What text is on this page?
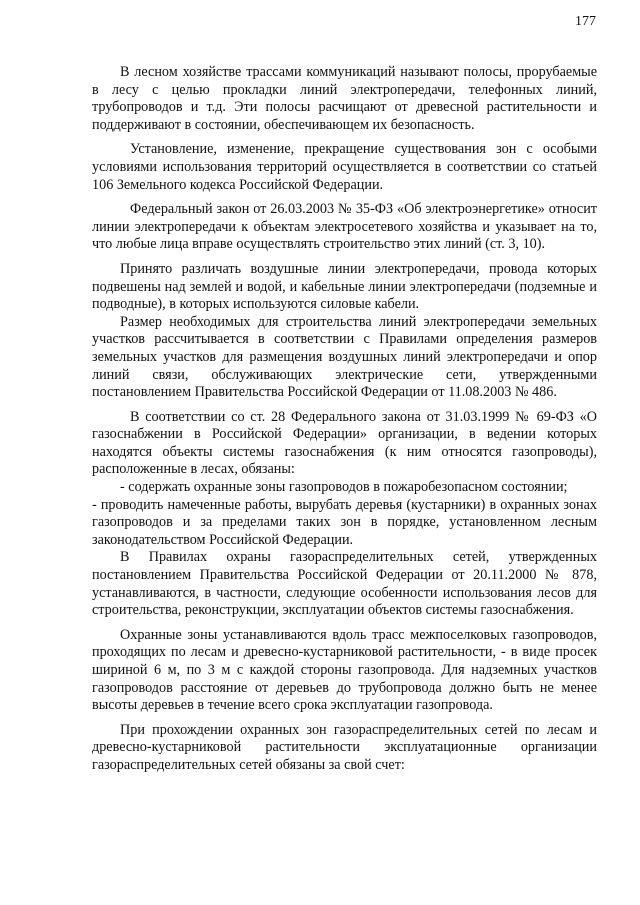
177

В лесном хозяйстве трассами коммуникаций называют полосы, прорубаемые в лесу с целью прокладки линий электропередачи, телефонных линий, трубопроводов и т.д. Эти полосы расчищают от древесной растительности и поддерживают в состоянии, обеспечивающем их безопасность.

Установление, изменение, прекращение существования зон с особыми условиями использования территорий осуществляется в соответствии со статьей 106 Земельного кодекса Российской Федерации.

Федеральный закон от 26.03.2003 № 35-ФЗ «Об электроэнергетике» относит линии электропередачи к объектам электросетевого хозяйства и указывает на то, что любые лица вправе осуществлять строительство этих линий (ст. 3, 10).

Принято различать воздушные линии электропередачи, провода которых подвешены над землей и водой, и кабельные линии электропередачи (подземные и подводные), в которых используются силовые кабели.

Размер необходимых для строительства линий электропередачи земельных участков рассчитывается в соответствии с Правилами определения размеров земельных участков для размещения воздушных линий электропередачи и опор линий связи, обслуживающих электрические сети, утвержденными постановлением Правительства Российской Федерации от 11.08.2003 № 486.

В соответствии со ст. 28 Федерального закона от 31.03.1999 № 69-ФЗ «О газоснабжении в Российской Федерации» организации, в ведении которых находятся объекты системы газоснабжения (к ним относятся газопроводы), расположенные в лесах, обязаны:

- содержать охранные зоны газопроводов в пожаробезопасном состоянии;

- проводить намеченные работы, вырубать деревья (кустарники) в охранных зонах газопроводов и за пределами таких зон в порядке, установленном лесным законодательством Российской Федерации.

В Правилах охраны газораспределительных сетей, утвержденных постановлением Правительства Российской Федерации от 20.11.2000 № 878, устанавливаются, в частности, следующие особенности использования лесов для строительства, реконструкции, эксплуатации объектов системы газоснабжения.

Охранные зоны устанавливаются вдоль трасс межпоселковых газопроводов, проходящих по лесам и древесно-кустарниковой растительности, - в виде просек шириной 6 м, по 3 м с каждой стороны газопровода. Для надземных участков газопроводов расстояние от деревьев до трубопровода должно быть не менее высоты деревьев в течение всего срока эксплуатации газопровода.

При прохождении охранных зон газораспределительных сетей по лесам и древесно-кустарниковой растительности эксплуатационные организации газораспределительных сетей обязаны за свой счет:
